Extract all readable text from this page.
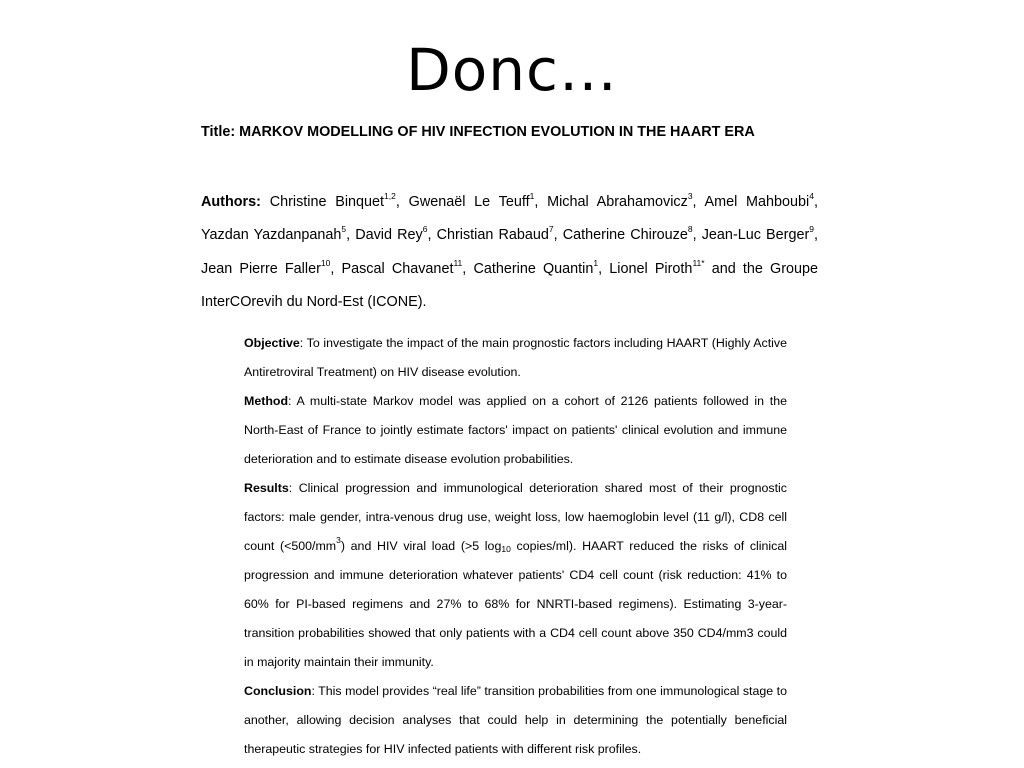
Donc…
Title: MARKOV MODELLING OF HIV INFECTION EVOLUTION IN THE HAART ERA
Authors: Christine Binquet$^{1,2}$, Gwenaël Le Teuff$^1$, Michal Abrahamovicz$^3$, Amel Mahboubi$^4$, Yazdan Yazdanpanah$^5$, David Rey$^6$, Christian Rabaud$^7$, Catherine Chirouze$^8$, Jean-Luc Berger$^9$, Jean Pierre Faller$^{10}$, Pascal Chavanet$^{11}$, Catherine Quantin$^1$, Lionel Piroth$^{11*}$ and the Groupe InterCOrevih du Nord-Est (ICONE).

Objective: To investigate the impact of the main prognostic factors including HAART (Highly Active Antiretroviral Treatment) on HIV disease evolution.

Method: A multi-state Markov model was applied on a cohort of 2126 patients followed in the North-East of France to jointly estimate factors' impact on patients' clinical evolution and immune deterioration and to estimate disease evolution probabilities.

Results: Clinical progression and immunological deterioration shared most of their prognostic factors: male gender, intra-venous drug use, weight loss, low haemoglobin level (11 g/l), CD8 cell count $(<500/mm^3)$ and HIV viral load (>5 $\log_{10}$ copies/ml). HAART reduced the risks of clinical progression and immune deterioration whatever patients' CD4 cell count (risk reduction: 41% to 60% for PI-based regimens and 27% to 68% for NNRTI-based regimens). Estimating 3-year-transition probabilities showed that only patients with a CD4 cell count above 350 CD4/mm3 could in majority maintain their immunity.

Conclusion: This model provides “real life” transition probabilities from one immunological stage to another, allowing decision analyses that could help in determining the potentially beneficial therapeutic strategies for HIV infected patients with different risk profiles.
